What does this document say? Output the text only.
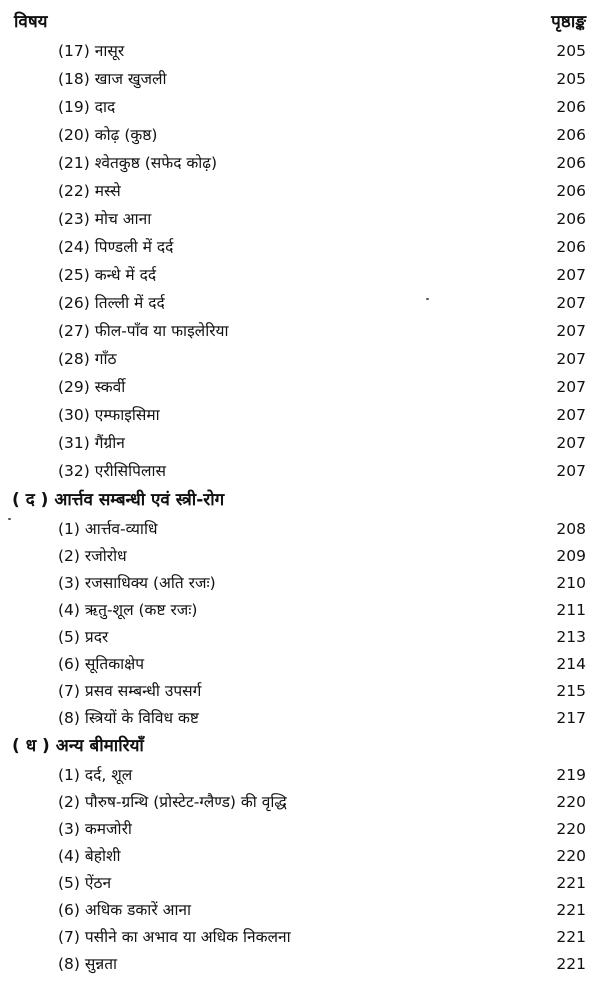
विषय	पृष्ठाङ्क
(17) नासूर	205
(18) खाज खुजली	205
(19) दाद	206
(20) कोढ़ (कुष्ठ)	206
(21) श्वेतकुष्ठ (सफेद कोढ़)	206
(22) मस्से	206
(23) मोच आना	206
(24) पिण्डली में दर्द	206
(25) कन्धे में दर्द	207
(26) तिल्ली में दर्द	207
(27) फील-पाँव या फाइलेरिया	207
(28) गाँठ	207
(29) स्कर्वी	207
(30) एम्फाइसिमा	207
(31) गैंग्रीन	207
(32) एरीसिपिलास	207
( द ) आर्त्तव सम्बन्धी एवं स्त्री-रोग
(1) आर्त्तव-व्याधि	208
(2) रजोरोध	209
(3) रजसाधिक्य (अति रजः)	210
(4) ऋतु-शूल (कष्ट रजः)	211
(5) प्रदर	213
(6) सूतिकाक्षेप	214
(7) प्रसव सम्बन्धी उपसर्ग	215
(8) स्त्रियों के विविध कष्ट	217
( ध ) अन्य बीमारियाँ
(1) दर्द, शूल	219
(2) पौरुष-ग्रन्थि (प्रोस्टेट-ग्लैण्ड) की वृद्धि	220
(3) कमजोरी	220
(4) बेहोशी	220
(5) ऐंठन	221
(6) अधिक डकारें आना	221
(7) पसीने का अभाव या अधिक निकलना	221
(8) सुन्नता	221
